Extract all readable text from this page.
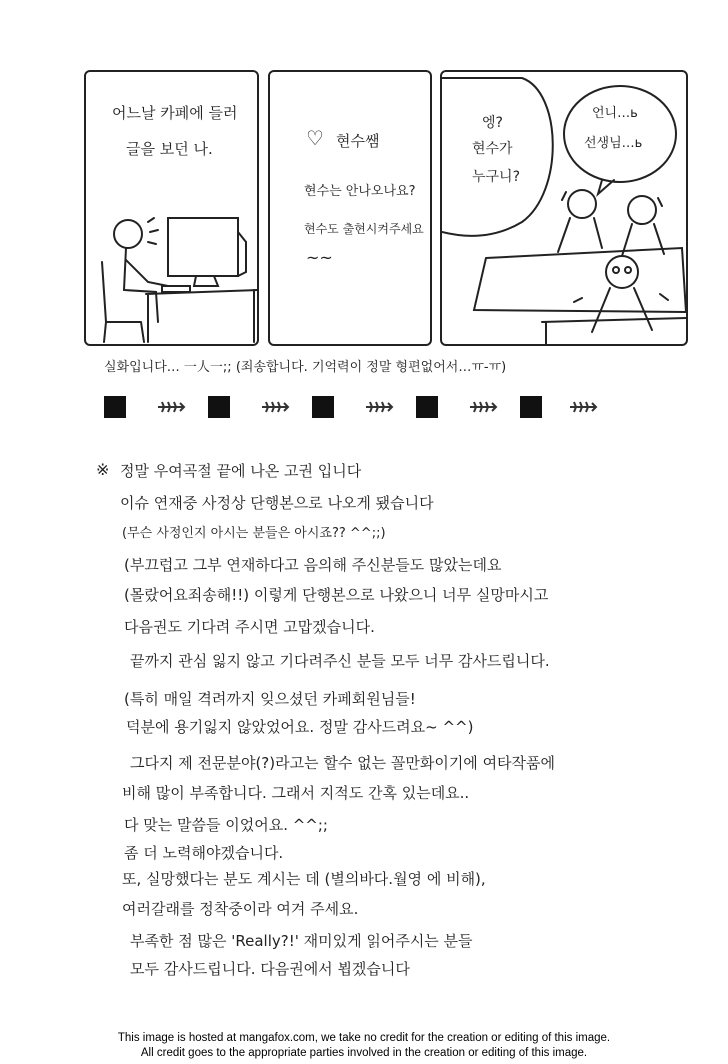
어느날 카페에 들러
글을 보던 나.	♡ 현수쌤
현수는 안나오나요?
현수도 출현시켜주세요
~~
엥?
현수가
누구니?
언니…ь
선생님…ь
실화입니다… 一人一;; (죄송합니다. 기억력이 정말 형편없어서…ㅠ-ㅠ)
※ 정말 우여곡절 끝에 나온 고권 입니다
이슈 연재중 사정상 단행본으로 나오게 됐습니다
(무슨 사정인지 아시는 분들은 아시죠?? ^^;;)
(부끄럽고 그부 연재하다고 음의해 주신분들도 많았는데요
(몰랐어요죄송해!!) 이렇게 단행본으로 나왔으니 너무 실망마시고
다음권도 기다려 주시면 고맙겠습니다.
끝까지 관심 잃지 않고 기다려주신 분들 모두 너무 감사드립니다.
(특히 매일 격려까지 잊으셨던 카페회원님들!
덕분에 용기잃지 않았었어요. 정말 감사드려요~ ^^)
그다지 제 전문분야(?)라고는 할수 없는 꼴만화이기에 여타작품에
비해 많이 부족합니다. 그래서 지적도 간혹 있는데요..
다 맞는 말씀들 이었어요. ^^;;
좀 더 노력해야겠습니다.
또, 실망했다는 분도 계시는 데 (별의바다.월영 에 비해),
여러갈래를 정착중이라 여겨 주세요.
부족한 점 많은 'Really?!' 재미있게 읽어주시는 분들
모두 감사드립니다. 다음권에서 뵙겠습니다
This image is hosted at mangafox.com, we take no credit for the creation or editing of this image.
All credit goes to the appropriate parties involved in the creation or editing of this image.
